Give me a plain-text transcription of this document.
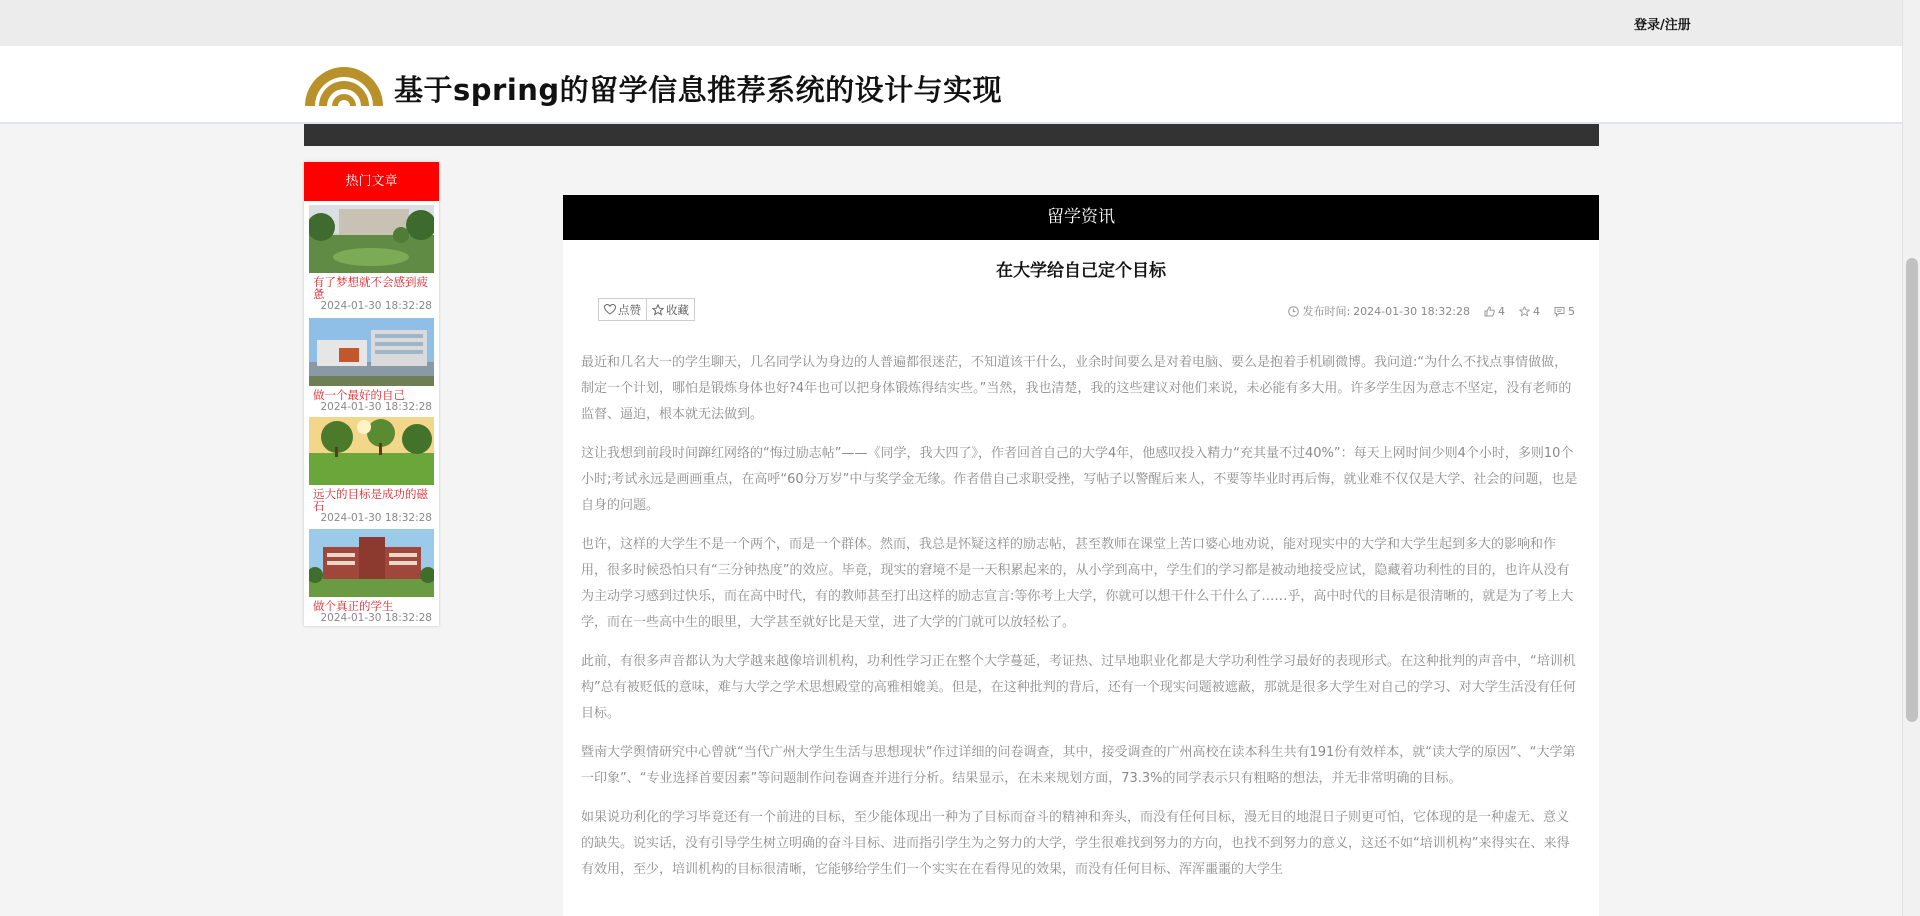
登录/注册
基于spring的留学信息推荐系统的设计与实现
热门文章
有了梦想就不会感到疲惫
2024-01-30 18:32:28
做一个最好的自己
2024-01-30 18:32:28
远大的目标是成功的磁石
2024-01-30 18:32:28
做个真正的学生
2024-01-30 18:32:28
留学资讯
在大学给自己定个目标
点赞 收藏	发布时间: 2024-01-30 18:32:28	4	4	5

最近和几名大一的学生聊天，几名同学认为身边的人普遍都很迷茫，不知道该干什么，业余时间要么是对着电脑、要么是抱着手机刷微博。我问道:“为什么不找点事情做做，制定一个计划，哪怕是锻炼身体也好?4年也可以把身体锻炼得结实些。”当然，我也清楚，我的这些建议对他们来说，未必能有多大用。许多学生因为意志不坚定，没有老师的监督、逼迫，根本就无法做到。

这让我想到前段时间蹿红网络的“悔过励志帖”——《同学，我大四了》，作者回首自己的大学4年，他感叹投入精力“充其量不过40%”：每天上网时间少则4个小时，多则10个小时;考试永远是画画重点，在高呼“60分万岁”中与奖学金无缘。作者借自己求职受挫，写帖子以警醒后来人，不要等毕业时再后悔，就业难不仅仅是大学、社会的问题，也是自身的问题。

也许，这样的大学生不是一个两个，而是一个群体。然而，我总是怀疑这样的励志帖，甚至教师在课堂上苦口婆心地劝说，能对现实中的大学和大学生起到多大的影响和作用，很多时候恐怕只有“三分钟热度”的效应。毕竟，现实的窘境不是一天积累起来的，从小学到高中，学生们的学习都是被动地接受应试，隐藏着功利性的目的，也许从没有为主动学习感到过快乐，而在高中时代，有的教师甚至打出这样的励志宣言:等你考上大学，你就可以想干什么干什么了……乎，高中时代的目标是很清晰的，就是为了考上大学，而在一些高中生的眼里，大学甚至就好比是天堂，进了大学的门就可以放轻松了。

此前，有很多声音都认为大学越来越像培训机构，功利性学习正在整个大学蔓延，考证热、过早地职业化都是大学功利性学习最好的表现形式。在这种批判的声音中，“培训机构”总有被贬低的意味，难与大学之学术思想殿堂的高雅相媲美。但是，在这种批判的背后，还有一个现实问题被遮蔽，那就是很多大学生对自己的学习、对大学生活没有任何目标。

暨南大学舆情研究中心曾就“当代广州大学生生活与思想现状”作过详细的问卷调查，其中，接受调查的广州高校在读本科生共有191份有效样本，就“读大学的原因”、“大学第一印象”、“专业选择首要因素”等问题制作问卷调查并进行分析。结果显示，在未来规划方面，73.3%的同学表示只有粗略的想法，并无非常明确的目标。

如果说功利化的学习毕竟还有一个前进的目标，至少能体现出一种为了目标而奋斗的精神和奔头，而没有任何目标，漫无目的地混日子则更可怕，它体现的是一种虚无、意义的缺失。说实话，没有引导学生树立明确的奋斗目标、进而指引学生为之努力的大学，学生很难找到努力的方向，也找不到努力的意义，这还不如“培训机构”来得实在、来得有效用，至少，培训机构的目标很清晰，它能够给学生们一个实实在在看得见的效果，而没有任何目标、浑浑噩噩的大学生
